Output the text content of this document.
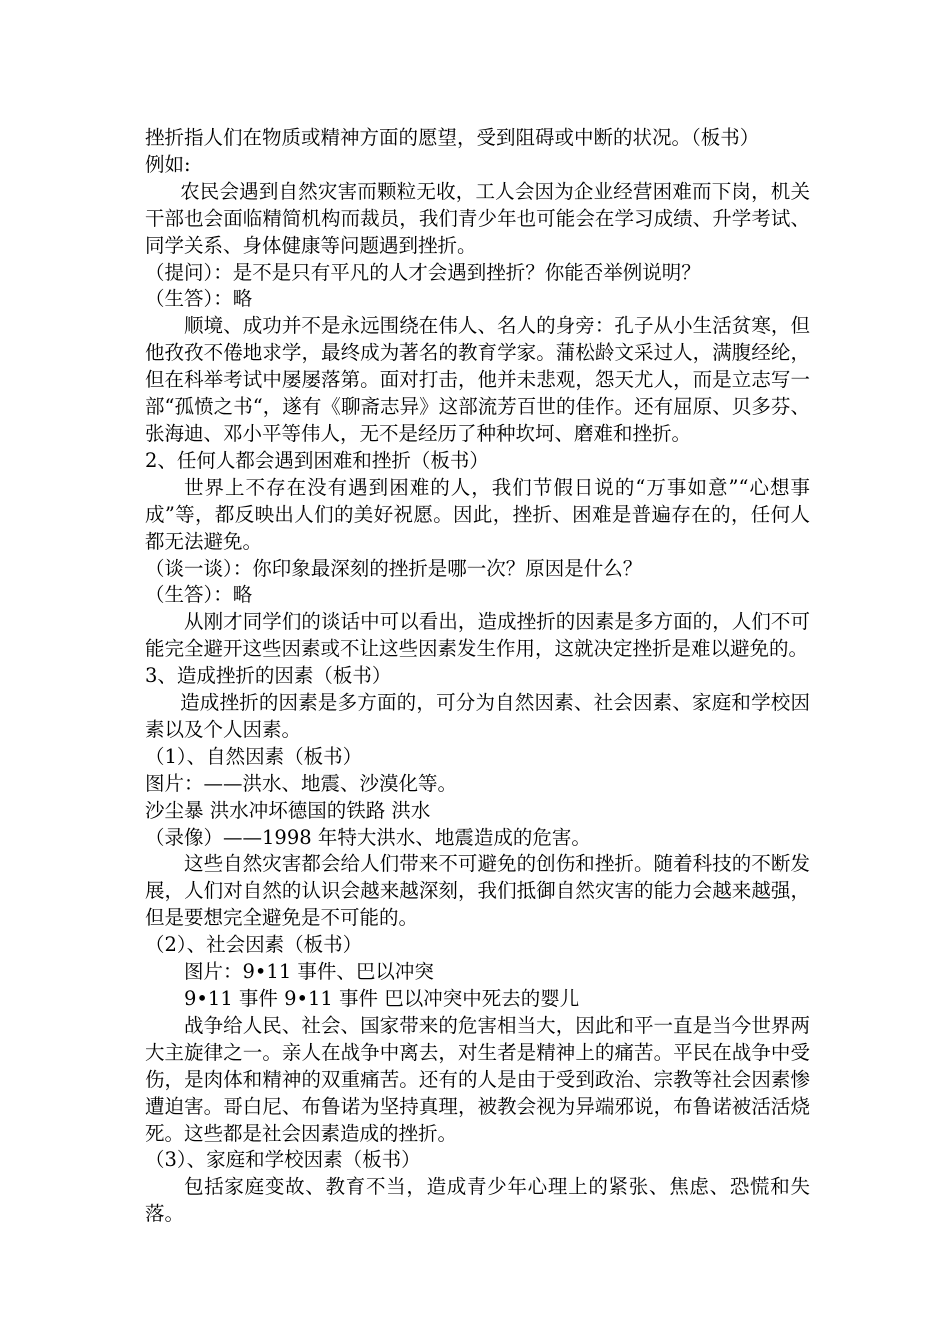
挫折指人们在物质或精神方面的愿望，受到阻碍或中断的状况。（板书）

例如:

农民会遇到自然灾害而颗粒无收，工人会因为企业经营困难而下岗，机关干部也会面临精简机构而裁员，我们青少年也可能会在学习成绩、升学考试、同学关系、身体健康等问题遇到挫折。

（提问）：是不是只有平凡的人才会遇到挫折？你能否举例说明？

（生答）：略

顺境、成功并不是永远围绕在伟人、名人的身旁：孔子从小生活贫寒，但他孜孜不倦地求学，最终成为著名的教育学家。蒲松龄文采过人，满腹经纶，但在科举考试中屡屡落第。面对打击，他并未悲观，怨天尤人，而是立志写一部“孤愤之书“，遂有《聊斋志异》这部流芳百世的佳作。还有屈原、贝多芬、张海迪、邓小平等伟人，无不是经历了种种坎坷、磨难和挫折。

2、任何人都会遇到困难和挫折（板书）

世界上不存在没有遇到困难的人，我们节假日说的“万事如意”“心想事成”等，都反映出人们的美好祝愿。因此，挫折、困难是普遍存在的，任何人都无法避免。

（谈一谈）：你印象最深刻的挫折是哪一次？原因是什么？

（生答）：略

从刚才同学们的谈话中可以看出，造成挫折的因素是多方面的，人们不可能完全避开这些因素或不让这些因素发生作用，这就决定挫折是难以避免的。

3、造成挫折的因素（板书）

造成挫折的因素是多方面的，可分为自然因素、社会因素、家庭和学校因素以及个人因素。

（1）、自然因素（板书）

图片：——洪水、地震、沙漠化等。

沙尘暴 洪水冲坏德国的铁路 洪水

（录像）——1998 年特大洪水、地震造成的危害。

这些自然灾害都会给人们带来不可避免的创伤和挫折。随着科技的不断发展，人们对自然的认识会越来越深刻，我们抵御自然灾害的能力会越来越强，但是要想完全避免是不可能的。

（2）、社会因素（板书）

图片：9•11 事件、巴以冲突

9•11 事件 9•11 事件 巴以冲突中死去的婴儿

战争给人民、社会、国家带来的危害相当大，因此和平一直是当今世界两大主旋律之一。亲人在战争中离去，对生者是精神上的痛苦。平民在战争中受伤，是肉体和精神的双重痛苦。还有的人是由于受到政治、宗教等社会因素惨遭迫害。哥白尼、布鲁诺为坚持真理，被教会视为异端邪说，布鲁诺被活活烧死。这些都是社会因素造成的挫折。

（3）、家庭和学校因素（板书）

包括家庭变故、教育不当，造成青少年心理上的紧张、焦虑、恐慌和失落。
